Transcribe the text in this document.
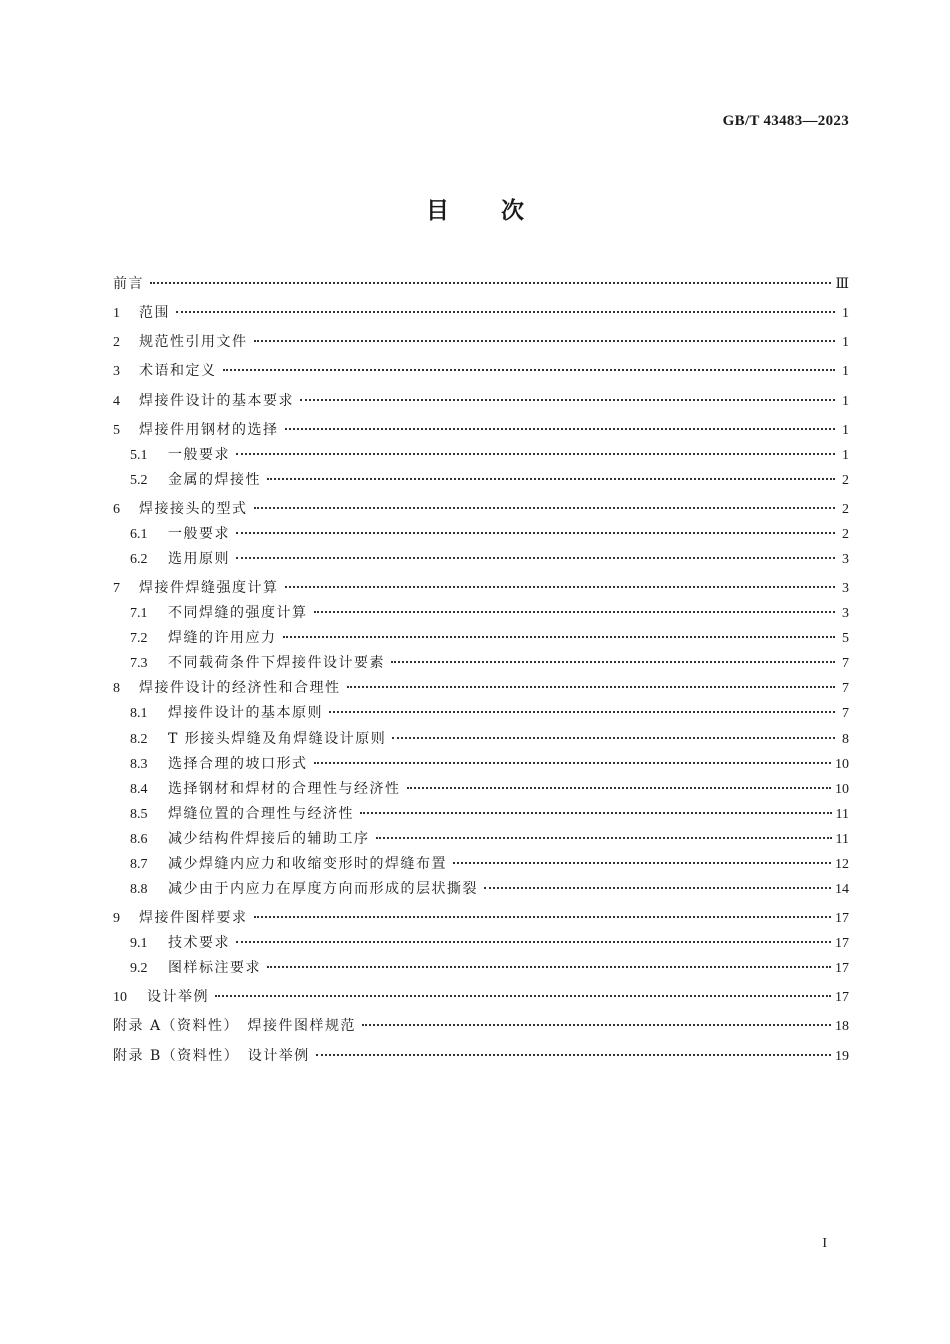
GB/T 43483—2023
目次
前言	Ⅲ
1	范围	1
2	规范性引用文件	1
3	术语和定义	1
4	焊接件设计的基本要求	1
5	焊接件用钢材的选择	1
5.1	一般要求	1
5.2	金属的焊接性	2
6	焊接接头的型式	2
6.1	一般要求	2
6.2	选用原则	3
7	焊接件焊缝强度计算	3
7.1	不同焊缝的强度计算	3
7.2	焊缝的许用应力	5
7.3	不同载荷条件下焊接件设计要素	7
8	焊接件设计的经济性和合理性	7
8.1	焊接件设计的基本原则	7
8.2	T 形接头焊缝及角焊缝设计原则	8
8.3	选择合理的坡口形式	10
8.4	选择钢材和焊材的合理性与经济性	10
8.5	焊缝位置的合理性与经济性	11
8.6	减少结构件焊接后的辅助工序	11
8.7	减少焊缝内应力和收缩变形时的焊缝布置	12
8.8	减少由于内应力在厚度方向而形成的层状撕裂	14
9	焊接件图样要求	17
9.1	技术要求	17
9.2	图样标注要求	17
10	设计举例	17
附录 A（资料性）　焊接件图样规范	18
附录 B（资料性）　设计举例	19
I
